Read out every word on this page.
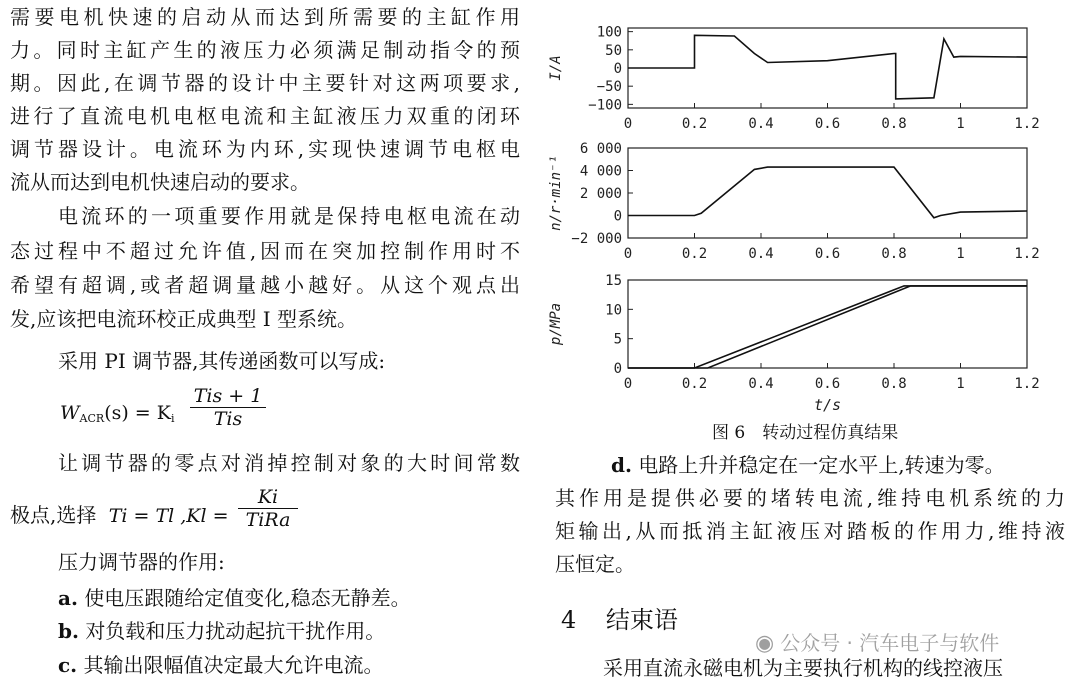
需要电机快速的启动从而达到所需要的主缸作用
力。同时主缸产生的液压力必须满足制动指令的预
期。因此,在调节器的设计中主要针对这两项要求,
进行了直流电机电枢电流和主缸液压力双重的闭环
调节器设计。电流环为内环,实现快速调节电枢电
流从而达到电机快速启动的要求。
电流环的一项重要作用就是保持电枢电流在动
态过程中不超过允许值,因而在突加控制作用时不
希望有超调,或者超调量越小越好。从这个观点出
发,应该把电流环校正成典型 Ⅰ 型系统。
采用 PI 调节器,其传递函数可以写成:
$W_{ACR}(s) = K_i$
Tis + 1
Tis
让调节器的零点对消掉控制对象的大时间常数
极点,选择 Ti = Tl ,Kl =
Ki
TiRa
压力调节器的作用:
a. 使电压跟随给定值变化,稳态无静差。
b. 对负载和压力扰动起抗干扰作用。
c. 其输出限幅值决定最大允许电流。
100
50
0
−50
−100
0	0.2	0.4	0.6	0.8	1	1.2
I/A
6 000
4 000
2 000
0
−2 000
0	0.2	0.4	0.6	0.8	1	1.2
n/r·min⁻¹
15
10
5
0
0	0.2	0.4	0.6	0.8	1	1.2
p/MPa
t/s
图 6　转动过程仿真结果
d. 电路上升并稳定在一定水平上,转速为零。
其作用是提供必要的堵转电流,维持电机系统的力
矩输出,从而抵消主缸液压对踏板的作用力,维持液
压恒定。
4 结束语
采用直流永磁电机为主要执行机构的线控液压
◉ 公众号 · 汽车电子与软件
